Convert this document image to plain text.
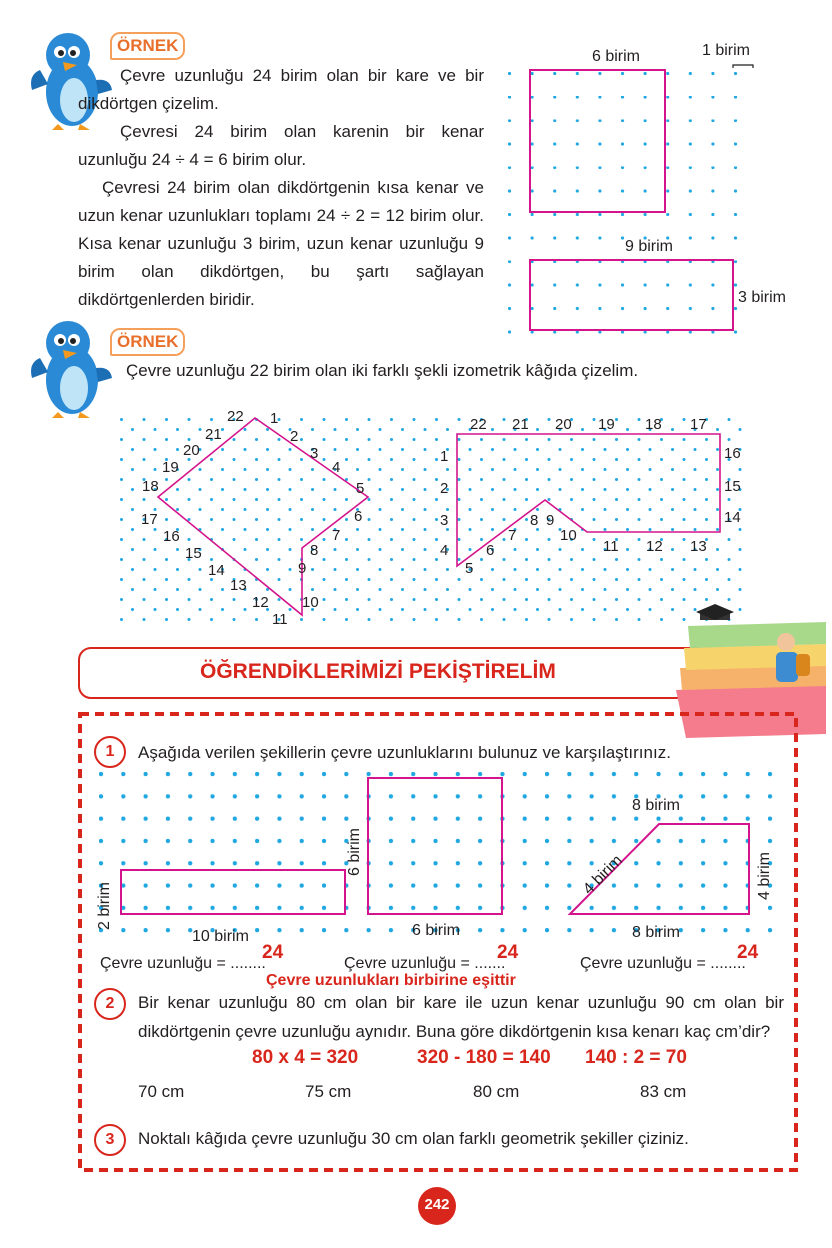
ÖRNEK

Çevre uzunluğu 24 birim olan bir kare ve bir dikdörtgen çizelim.

Çevresi 24 birim olan karenin bir kenar uzunluğu 24 ÷ 4 = 6 birim olur.

Çevresi 24 birim olan dikdörtgenin kısa kenar ve uzun kenar uzunlukları toplamı 24 ÷ 2 = 12 birim olur. Kısa kenar uzunluğu 3 birim, uzun kenar uzunluğu 9 birim olan dikdörtgen, bu şartı sağlayan dikdörtgenlerden biridir.

6 birim	1 birim
9 birim
3 birim
ÖRNEK
Çevre uzunluğu 22 birim olan iki farklı şekli izometrik kâğıda çizelim.
1
2
3
4
5
6
7
8
9
10
11
12
13
14
15
16
17
18
19
20
21
22
1
2
3
4
5
6
7
8 9
10
11 12 13
14
15
16
17
18
19
20
21
22
ÖĞRENDİKLERİMİZİ PEKİŞTİRELİM
1	Aşağıda verilen şekillerin çevre uzunluklarını bulunuz ve karşılaştırınız.
10 birim
2 birim
6 birim
6 birim
8 birim
4 birim	4 birim
8 birim
Çevre uzunluğu = ........	Çevre uzunluğu = .......	Çevre uzunluğu = ........
24	24	24
Çevre uzunlukları birbirine eşittir
2	Bir kenar uzunluğu 80 cm olan bir kare ile uzun kenar uzunluğu 90 cm olan bir dikdörtgenin çevre uzunluğu aynıdır. Buna göre dikdörtgenin kısa kenarı kaç cm’dir?
80 x 4 = 320	320 - 180 = 140 140 : 2 = 70
70 cm	75 cm	80 cm	83 cm
3	Noktalı kâğıda çevre uzunluğu 30 cm olan farklı geometrik şekiller çiziniz.
242
